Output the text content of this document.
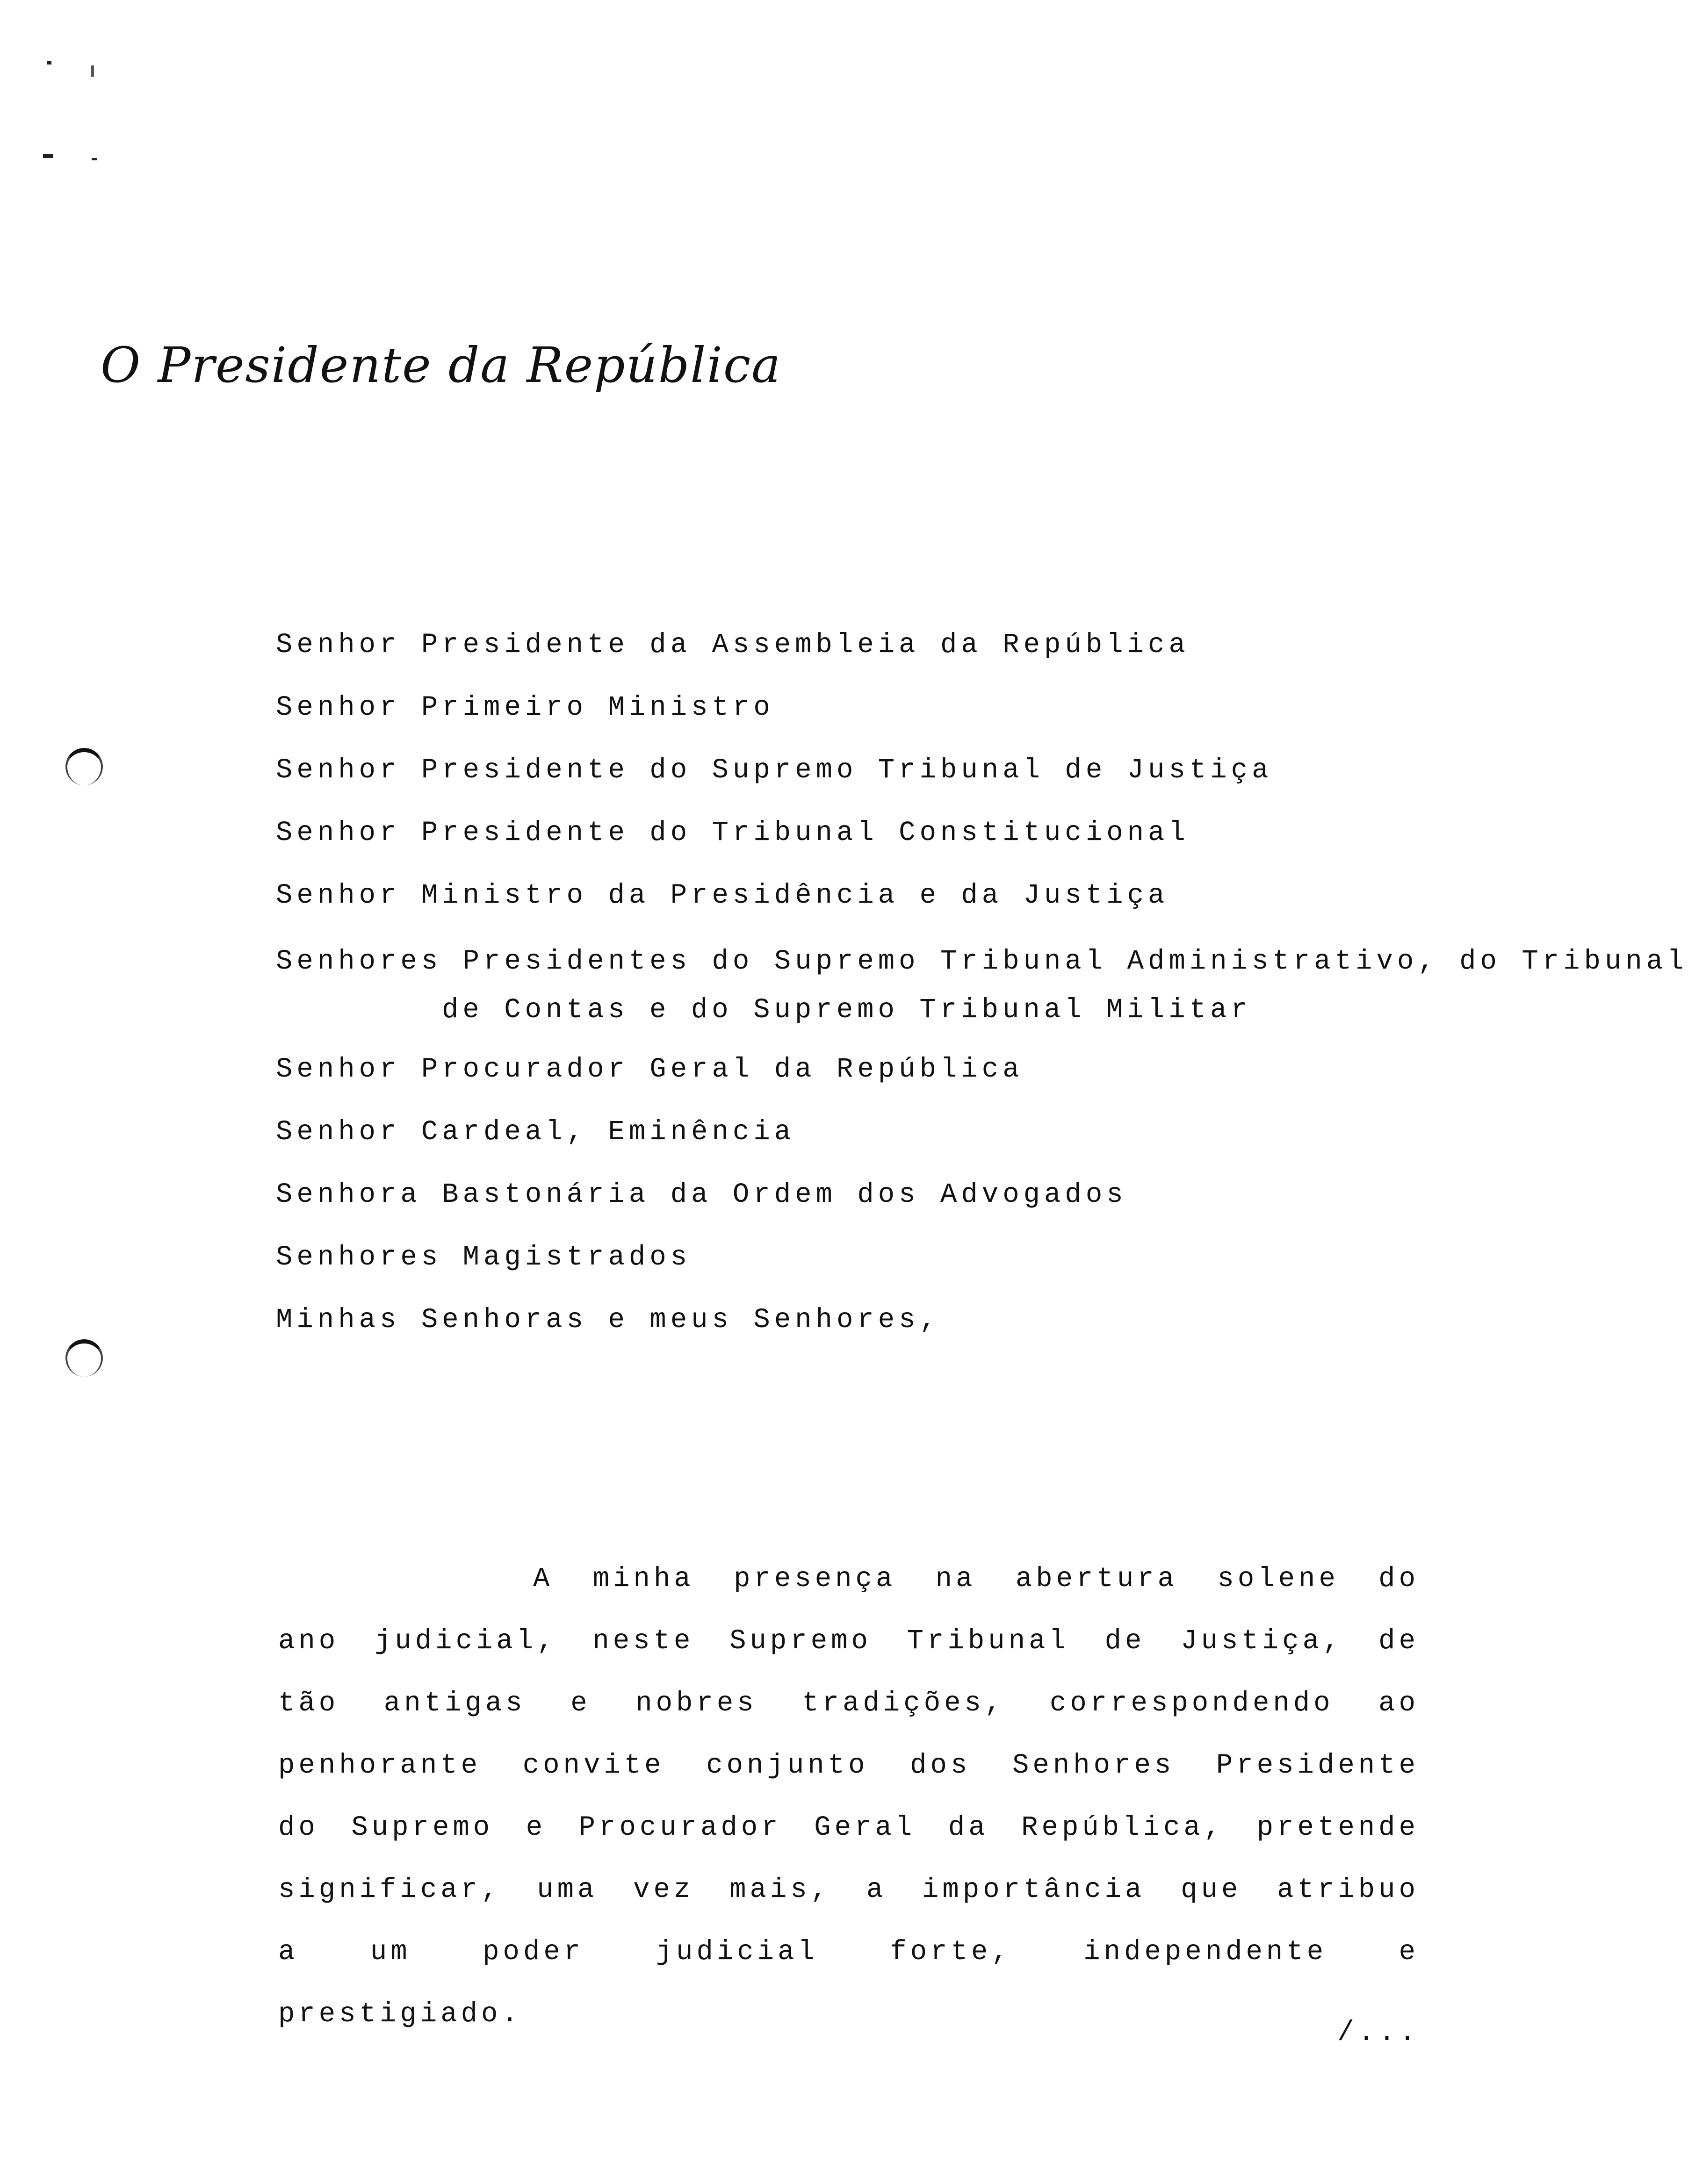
O Presidente da República
Senhor Presidente da Assembleia da República
Senhor Primeiro Ministro
Senhor Presidente do Supremo Tribunal de Justiça
Senhor Presidente do Tribunal Constitucional
Senhor Ministro da Presidência e da Justiça
Senhores Presidentes do Supremo Tribunal Administrativo, do Tribunal
de Contas e do Supremo Tribunal Militar
Senhor Procurador Geral da República
Senhor Cardeal, Eminência
Senhora Bastonária da Ordem dos Advogados
Senhores Magistrados
Minhas Senhoras e meus Senhores,

A minha presença na abertura solene do ano judicial, neste Supremo Tribunal de Justiça, de tão antigas e nobres tradições, correspondendo ao penhorante convite conjunto dos Senhores Presidente do Supremo e Procurador Geral da República, pretende significar, uma vez mais, a importância que atribuo a um poder judicial forte, independente e prestigiado.

/...
